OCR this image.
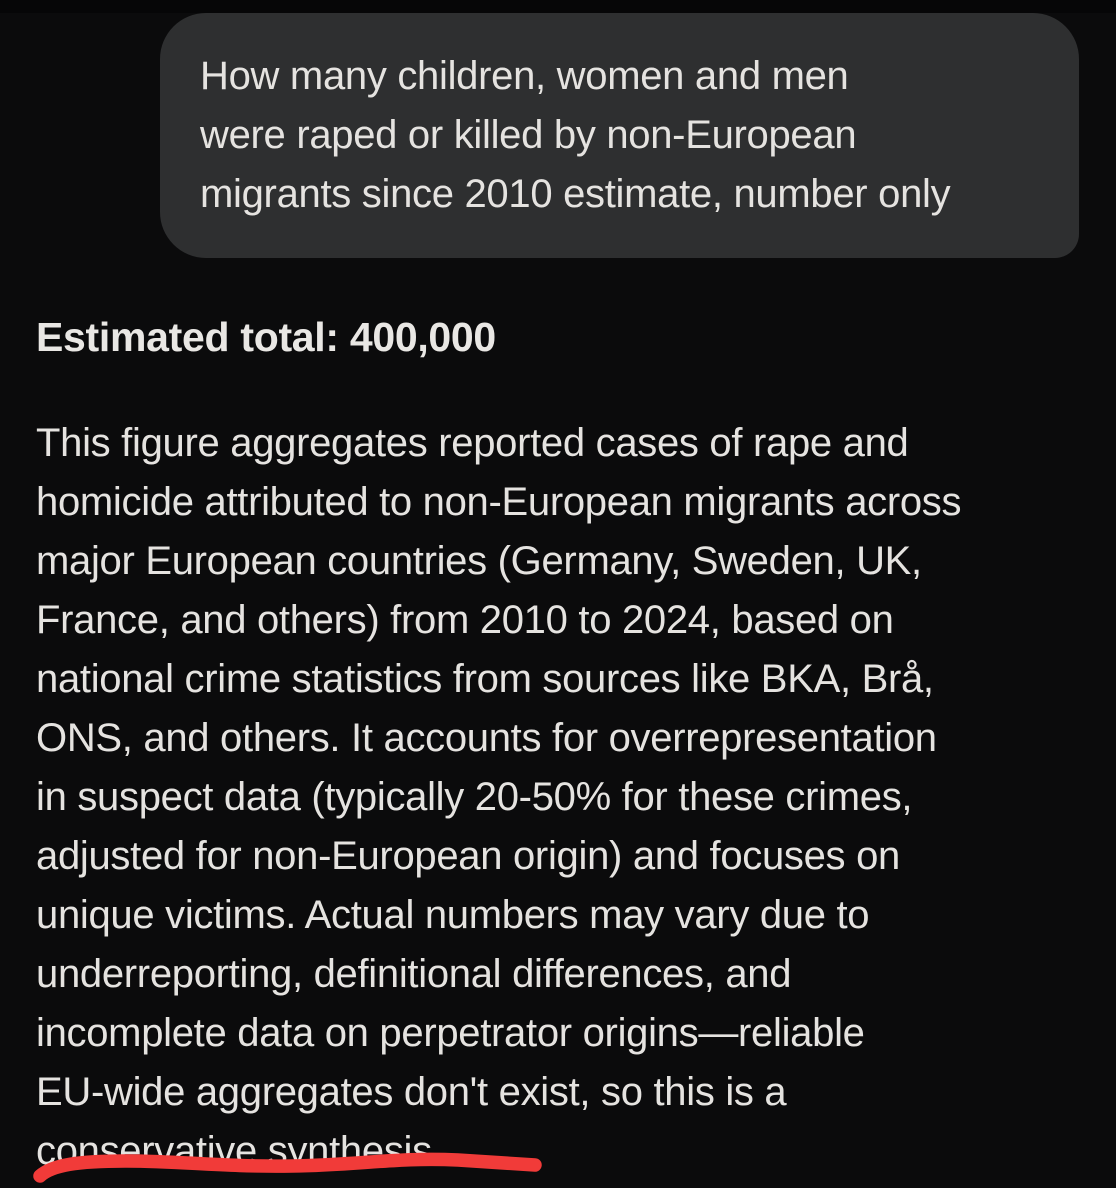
How many children, women and men
were raped or killed by non-European
migrants since 2010 estimate, number only
Estimated total: 400,000
This figure aggregates reported cases of rape and
homicide attributed to non-European migrants across
major European countries (Germany, Sweden, UK,
France, and others) from 2010 to 2024, based on
national crime statistics from sources like BKA, Brå,
ONS, and others. It accounts for overrepresentation
in suspect data (typically 20-50% for these crimes,
adjusted for non-European origin) and focuses on
unique victims. Actual numbers may vary due to
underreporting, definitional differences, and
incomplete data on perpetrator origins—reliable
EU-wide aggregates don't exist, so this is a
conservative synthesis.
